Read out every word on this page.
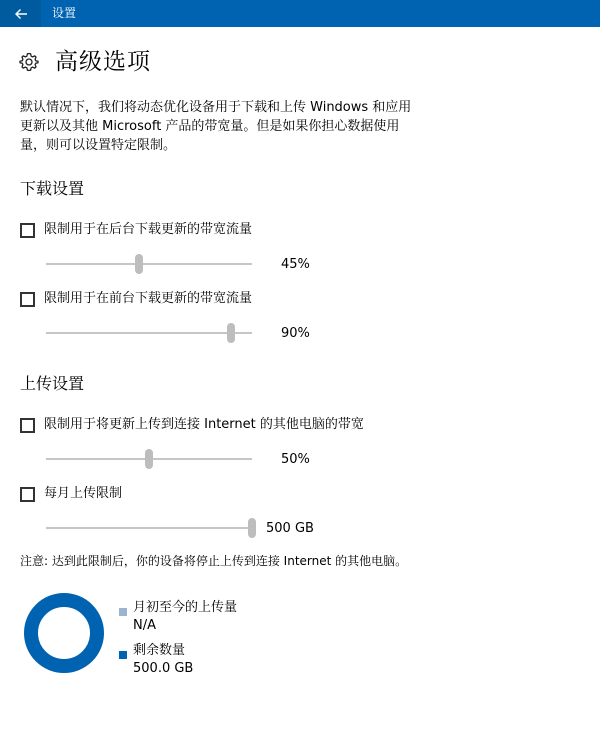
设置
高级选项

默认情况下，我们将动态优化设备用于下载和上传 Windows 和应用更新以及其他 Microsoft 产品的带宽量。但是如果你担心数据使用量，则可以设置特定限制。

下载设置
限制用于在后台下载更新的带宽流量
45%
限制用于在前台下载更新的带宽流量
90%
上传设置
限制用于将更新上传到连接 Internet 的其他电脑的带宽
50%
每月上传限制
500 GB

注意: 达到此限制后，你的设备将停止上传到连接 Internet 的其他电脑。

月初至今的上传量
N/A
剩余数量
500.0 GB
